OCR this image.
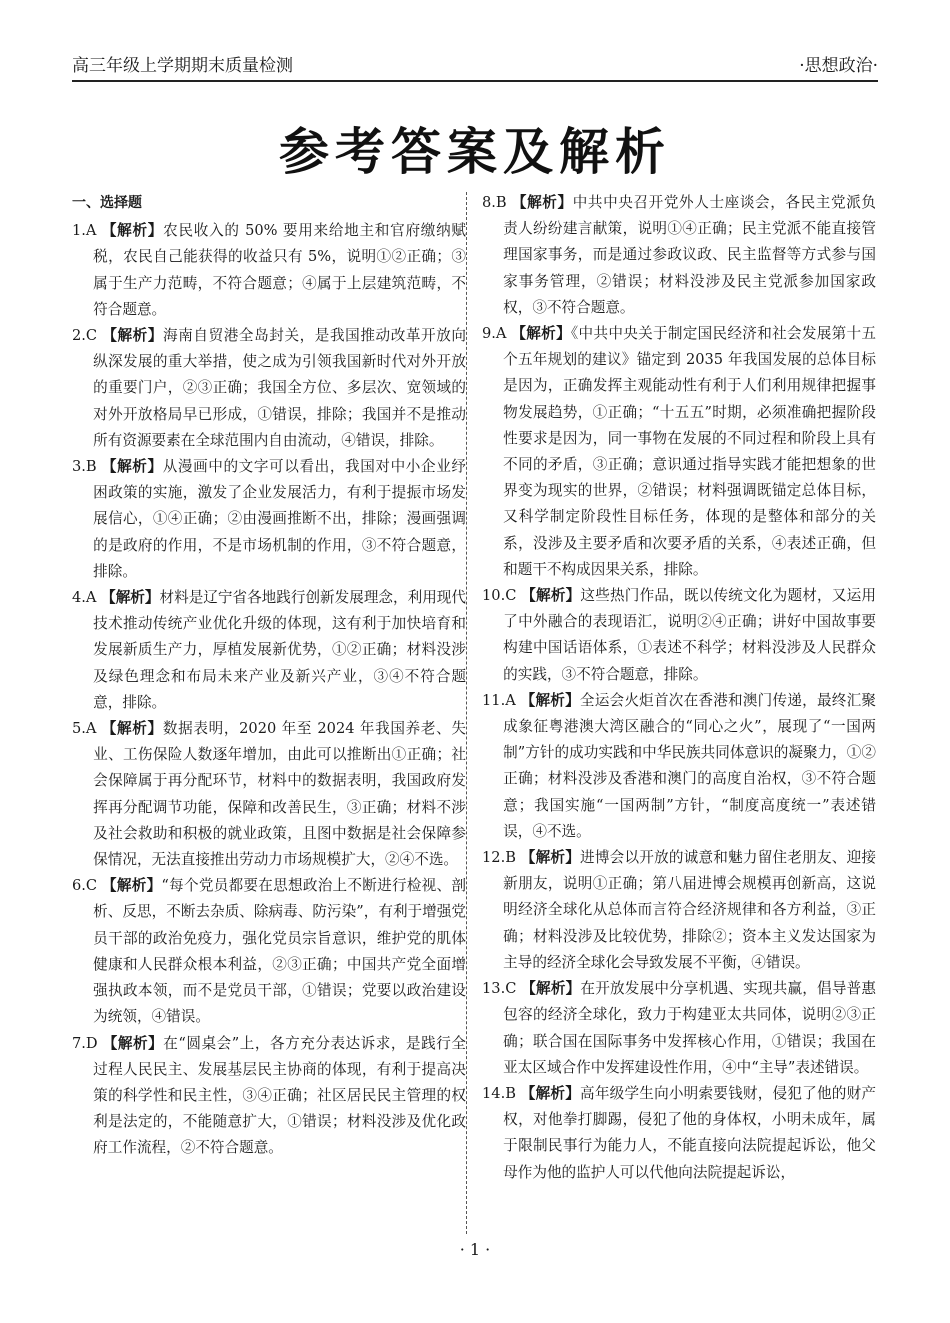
高三年级上学期期末质量检测	·思想政治·
参考答案及解析

一、选择题

1.A 【解析】农民收入的 50% 要用来给地主和官府缴纳赋税，农民自己能获得的收益只有 5%，说明①②正确；③属于生产力范畴，不符合题意；④属于上层建筑范畴，不符合题意。

2.C 【解析】海南自贸港全岛封关，是我国推动改革开放向纵深发展的重大举措，使之成为引领我国新时代对外开放的重要门户，②③正确；我国全方位、多层次、宽领域的对外开放格局早已形成，①错误，排除；我国并不是推动所有资源要素在全球范围内自由流动，④错误，排除。

3.B 【解析】从漫画中的文字可以看出，我国对中小企业纾困政策的实施，激发了企业发展活力，有利于提振市场发展信心，①④正确；②由漫画推断不出，排除；漫画强调的是政府的作用，不是市场机制的作用，③不符合题意，排除。

4.A 【解析】材料是辽宁省各地践行创新发展理念，利用现代技术推动传统产业优化升级的体现，这有利于加快培育和发展新质生产力，厚植发展新优势，①②正确；材料没涉及绿色理念和布局未来产业及新兴产业，③④不符合题意，排除。

5.A 【解析】数据表明，2020 年至 2024 年我国养老、失业、工伤保险人数逐年增加，由此可以推断出①正确；社会保障属于再分配环节，材料中的数据表明，我国政府发挥再分配调节功能，保障和改善民生，③正确；材料不涉及社会救助和积极的就业政策，且图中数据是社会保障参保情况，无法直接推出劳动力市场规模扩大，②④不选。

6.C 【解析】“每个党员都要在思想政治上不断进行检视、剖析、反思，不断去杂质、除病毒、防污染”，有利于增强党员干部的政治免疫力，强化党员宗旨意识，维护党的肌体健康和人民群众根本利益，②③正确；中国共产党全面增强执政本领，而不是党员干部，①错误；党要以政治建设为统领，④错误。

7.D 【解析】在“圆桌会”上，各方充分表达诉求，是践行全过程人民民主、发展基层民主协商的体现，有利于提高决策的科学性和民主性，③④正确；社区居民民主管理的权利是法定的，不能随意扩大，①错误；材料没涉及优化政府工作流程，②不符合题意。

8.B 【解析】中共中央召开党外人士座谈会，各民主党派负责人纷纷建言献策，说明①④正确；民主党派不能直接管理国家事务，而是通过参政议政、民主监督等方式参与国家事务管理，②错误；材料没涉及民主党派参加国家政权，③不符合题意。

9.A 【解析】《中共中央关于制定国民经济和社会发展第十五个五年规划的建议》锚定到 2035 年我国发展的总体目标是因为，正确发挥主观能动性有利于人们利用规律把握事物发展趋势，①正确；“十五五”时期，必须准确把握阶段性要求是因为，同一事物在发展的不同过程和阶段上具有不同的矛盾，③正确；意识通过指导实践才能把想象的世界变为现实的世界，②错误；材料强调既锚定总体目标，又科学制定阶段性目标任务，体现的是整体和部分的关系，没涉及主要矛盾和次要矛盾的关系，④表述正确，但和题干不构成因果关系，排除。

10.C 【解析】这些热门作品，既以传统文化为题材，又运用了中外融合的表现语汇，说明②④正确；讲好中国故事要构建中国话语体系，①表述不科学；材料没涉及人民群众的实践，③不符合题意，排除。

11.A 【解析】全运会火炬首次在香港和澳门传递，最终汇聚成象征粤港澳大湾区融合的“同心之火”，展现了“一国两制”方针的成功实践和中华民族共同体意识的凝聚力，①②正确；材料没涉及香港和澳门的高度自治权，③不符合题意；我国实施“一国两制”方针，“制度高度统一”表述错误，④不选。

12.B 【解析】进博会以开放的诚意和魅力留住老朋友、迎接新朋友，说明①正确；第八届进博会规模再创新高，这说明经济全球化从总体而言符合经济规律和各方利益，③正确；材料没涉及比较优势，排除②；资本主义发达国家为主导的经济全球化会导致发展不平衡，④错误。

13.C 【解析】在开放发展中分享机遇、实现共赢，倡导普惠包容的经济全球化，致力于构建亚太共同体，说明②③正确；联合国在国际事务中发挥核心作用，①错误；我国在亚太区域合作中发挥建设性作用，④中“主导”表述错误。

14.B 【解析】高年级学生向小明索要钱财，侵犯了他的财产权，对他拳打脚踢，侵犯了他的身体权，小明未成年，属于限制民事行为能力人，不能直接向法院提起诉讼，他父母作为他的监护人可以代他向法院提起诉讼，

· 1 ·
